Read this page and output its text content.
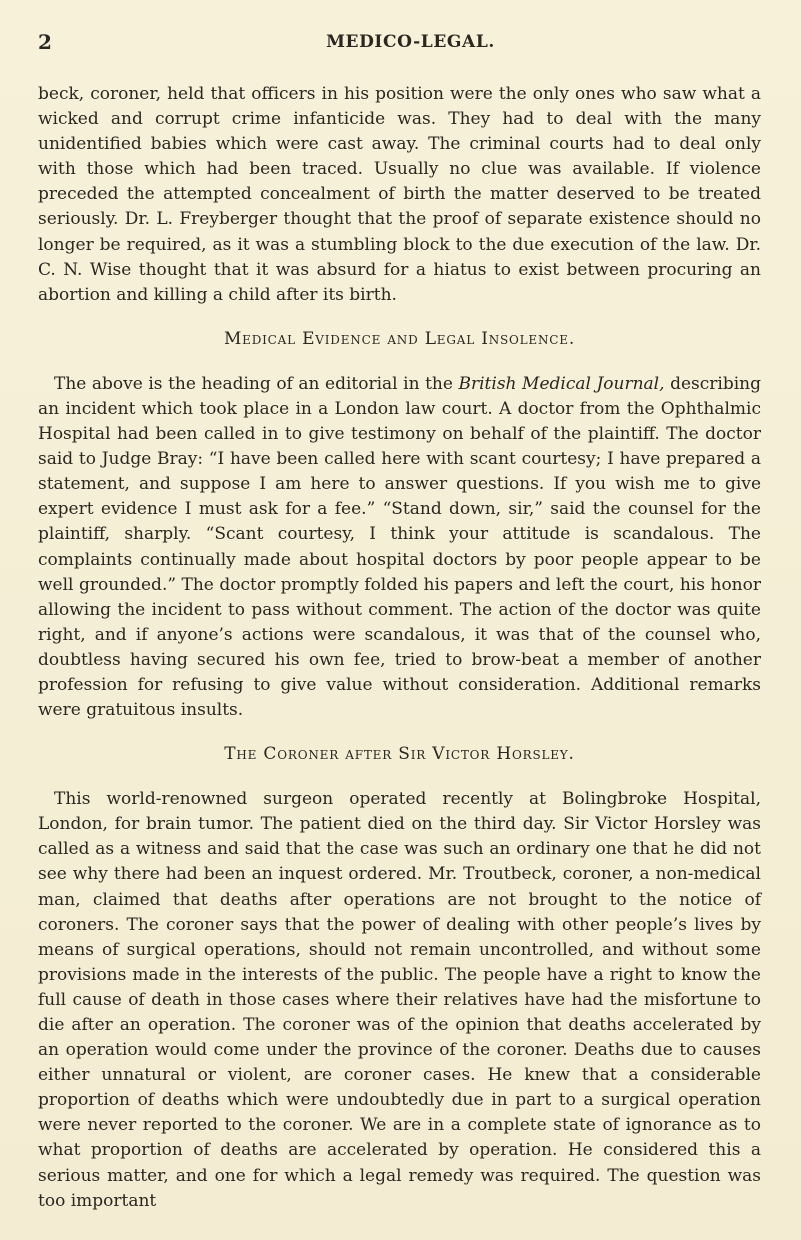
2	MEDICO-LEGAL.

beck, coroner, held that officers in his position were the only ones who saw what a wicked and corrupt crime infanticide was. They had to deal with the many unidentified babies which were cast away. The criminal courts had to deal only with those which had been traced. Usually no clue was available. If violence preceded the attempted concealment of birth the matter deserved to be treated seriously. Dr. L. Freyberger thought that the proof of separate existence should no longer be required, as it was a stumbling block to the due execution of the law. Dr. C. N. Wise thought that it was absurd for a hiatus to exist between procuring an abortion and killing a child after its birth.

Medical Evidence and Legal Insolence.

The above is the heading of an editorial in the British Medical Journal, describing an incident which took place in a London law court. A doctor from the Ophthalmic Hospital had been called in to give testimony on behalf of the plaintiff. The doctor said to Judge Bray: “I have been called here with scant courtesy; I have prepared a statement, and suppose I am here to answer questions. If you wish me to give expert evidence I must ask for a fee.” “Stand down, sir,” said the counsel for the plaintiff, sharply. “Scant courtesy, I think your attitude is scandalous. The complaints continually made about hospital doctors by poor people appear to be well grounded.” The doctor promptly folded his papers and left the court, his honor allowing the incident to pass without comment. The action of the doctor was quite right, and if anyone’s actions were scandalous, it was that of the counsel who, doubtless having secured his own fee, tried to brow-beat a member of another profession for refusing to give value without consideration. Additional remarks were gratuitous insults.

The Coroner after Sir Victor Horsley.

This world-renowned surgeon operated recently at Bolingbroke Hospital, London, for brain tumor. The patient died on the third day. Sir Victor Horsley was called as a witness and said that the case was such an ordinary one that he did not see why there had been an inquest ordered. Mr. Troutbeck, coroner, a non-medical man, claimed that deaths after operations are not brought to the notice of coroners. The coroner says that the power of dealing with other people’s lives by means of surgical operations, should not remain uncontrolled, and without some provisions made in the interests of the public. The people have a right to know the full cause of death in those cases where their relatives have had the misfortune to die after an operation. The coroner was of the opinion that deaths accelerated by an operation would come under the province of the coroner. Deaths due to causes either unnatural or violent, are coroner cases. He knew that a considerable proportion of deaths which were undoubtedly due in part to a surgical operation were never reported to the coroner. We are in a complete state of ignorance as to what proportion of deaths are accelerated by operation. He considered this a serious matter, and one for which a legal remedy was required. The question was too important
